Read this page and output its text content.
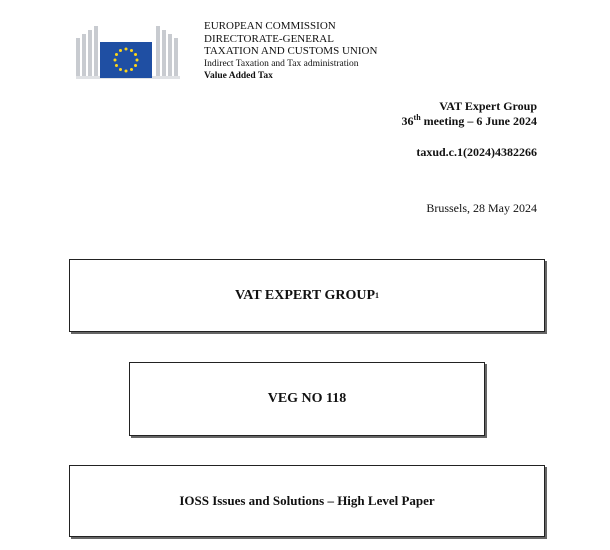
EUROPEAN COMMISSION
DIRECTORATE-GENERAL
TAXATION AND CUSTOMS UNION
Indirect Taxation and Tax administration
Value Added Tax
VAT Expert Group
36th meeting – 6 June 2024
taxud.c.1(2024)4382266
Brussels, 28 May 2024
VAT EXPERT GROUP 1
VEG NO 118
IOSS Issues and Solutions – High Level Paper
